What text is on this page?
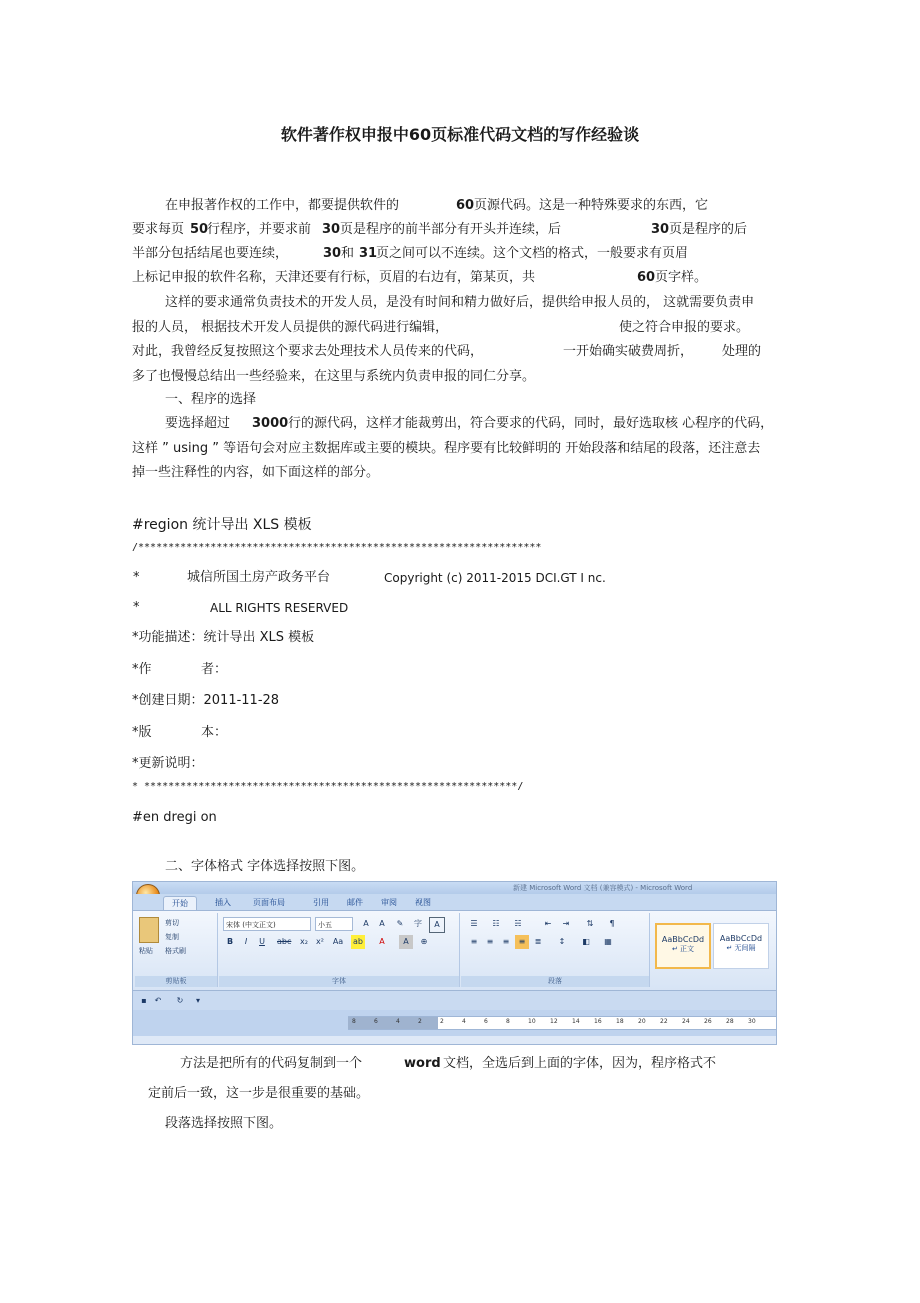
软件著作权申报中60页标准代码文档的写作经验谈
在申报著作权的工作中，都要提供软件的	60 页源代码。这是一种特殊要求的东西，它
要求每页 50
行程序，并要求前 30 页是程序的前半部分有开头并连续，后	30 页是程序的后
半部分包括结尾也要连续，	30 和 31
页之间可以不连续。这个文档的格式，一般要求有页眉
上标记申报的软件名称，天津还要有行标，页眉的右边有，第某页，共	60 页字样。
这样的要求通常负责技术的开发人员，是没有时间和精力做好后，提供给申报人员的， 这就需要负责申
报的人员， 根据技术开发人员提供的源代码进行编辑，	使之符合申报的要求。
对此，我曾经反复按照这个要求去处理技术人员传来的代码，	一开始确实破费周折， 处理的
多了也慢慢总结出一些经验来，在这里与系统内负责申报的同仁分享。
一、程序的选择
要选择超过 3000 行的源代码，这样才能裁剪出，符合要求的代码，同时，最好选取核 心程序的代码，
这样 ” using ” 等语句会对应主数据库或主要的模块。程序要有比较鲜明的 开始段落和结尾的段落，还注意去
掉一些注释性的内容，如下面这样的部分。
#region 统计导出 XLS 模板
/*******************************************************************
*	城信所国土房产政务平台	Copyright (c) 2011-2015 DCI.GT I nc.
*	ALL RIGHTS RESERVED
*功能描述：统计导出 XLS 模板
*作	者：
*创建日期：2011-11-28
*版	本：
*更新说明：
* **************************************************************/
#en dregi on
二、字体格式 字体选择按照下图。
新建 Microsoft Word 文档 (兼容模式) - Microsoft Word
开始	插入	页面布局	引用	邮件	审阅	视图
粘贴
剪切
复制
格式刷
剪贴板
宋体 (中文正文)	小五	A	A	✎	字	A
B	I	U	abc	x₂	x²	Aa ab	A	A	⊕
字体
☰	☷	☵	⇤	⇥	⇅	¶
≡	≡	≡	≡	≣	↕	◧	▦
段落
AaBbCcDd
↵ 正文
AaBbCcDd
↵ 无间隔
▪ ↶	↻	▾
8	6	4	2	2	4	6	8	10 12 14 16 18 20 22 24 26 28 30
方法是把所有的代码复制到一个	word 文档，全选后到上面的字体，因为，程序格式不
定前后一致，这一步是很重要的基础。
段落选择按照下图。
